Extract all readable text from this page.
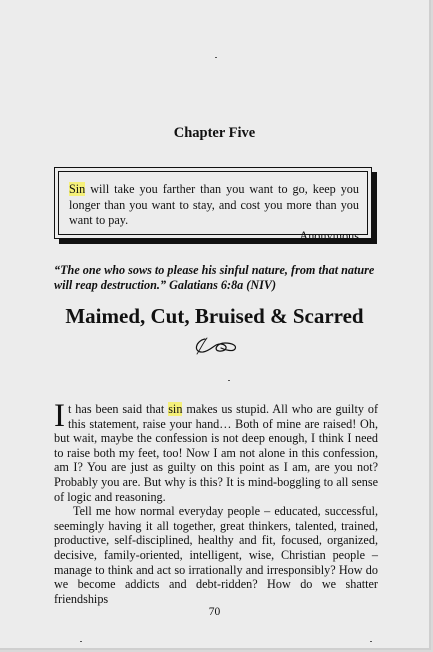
Chapter Five
Sin will take you farther than you want to go, keep you longer than you want to stay, and cost you more than you want to pay.
Anonymous
“The one who sows to please his sinful nature, from that nature will reap destruction.” Galatians 6:8a (NIV)
Maimed, Cut, Bruised & Scarred

It has been said that sin makes us stupid. All who are guilty of this statement, raise your hand… Both of mine are raised! Oh, but wait, maybe the confession is not deep enough, I think I need to raise both my feet, too! Now I am not alone in this confession, am I? You are just as guilty on this point as I am, are you not? Probably you are. But why is this? It is mind-boggling to all sense of logic and reasoning.

Tell me how normal everyday people – educated, successful, seemingly having it all together, great thinkers, talented, trained, productive, self-disciplined, healthy and fit, focused, organized, decisive, family-oriented, intelligent, wise, Christian people – manage to think and act so irrationally and irresponsibly? How do we become addicts and debt-ridden? How do we shatter friendships

70
